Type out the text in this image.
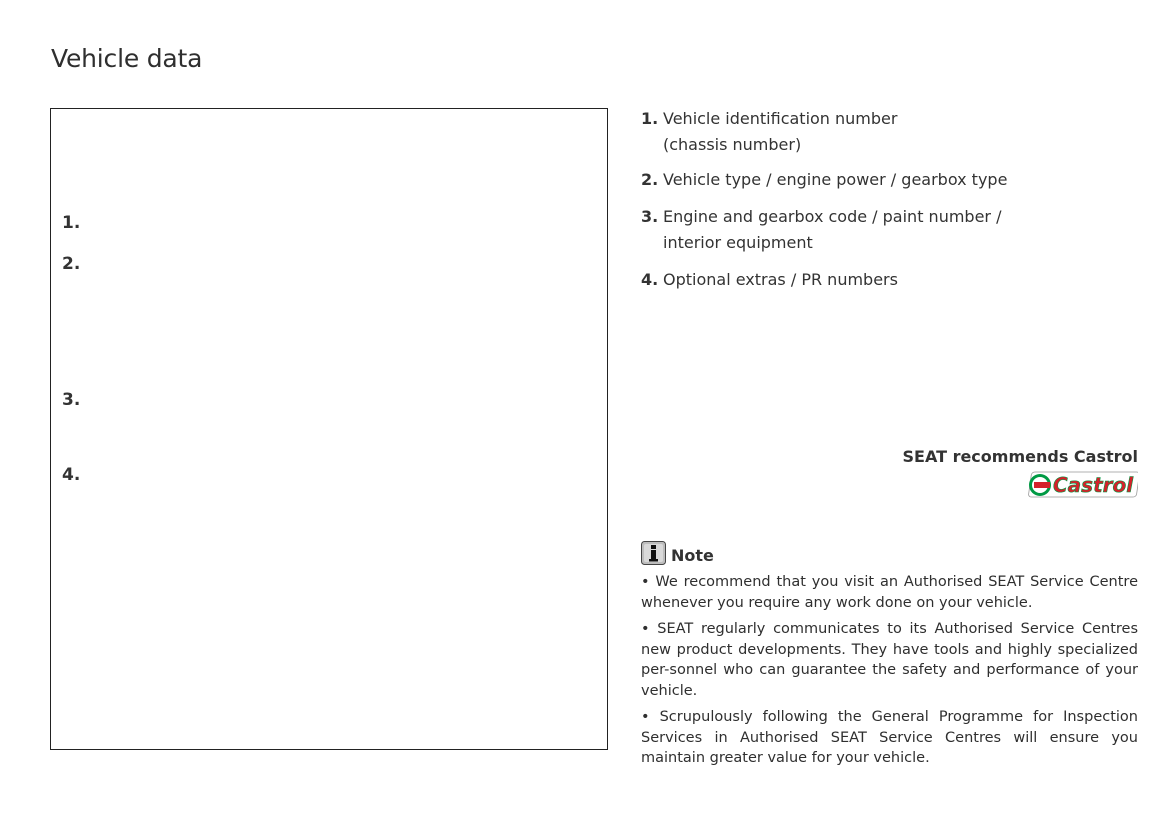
Vehicle data
1.
2.
3.
4.
1. Vehicle identification number
(chassis number)
2. Vehicle type / engine power / gearbox type
3. Engine and gearbox code / paint number /
interior equipment
4. Optional extras / PR numbers
SEAT recommends Castrol
Castrol
Note

• We recommend that you visit an Authorised SEAT Service Centre whenever you require any work done on your vehicle.

• SEAT regularly communicates to its Authorised Service Centres new product developments. They have tools and highly specialized per-sonnel who can guarantee the safety and performance of your vehicle.

• Scrupulously following the General Programme for Inspection Services in Authorised SEAT Service Centres will ensure you maintain greater value for your vehicle.
